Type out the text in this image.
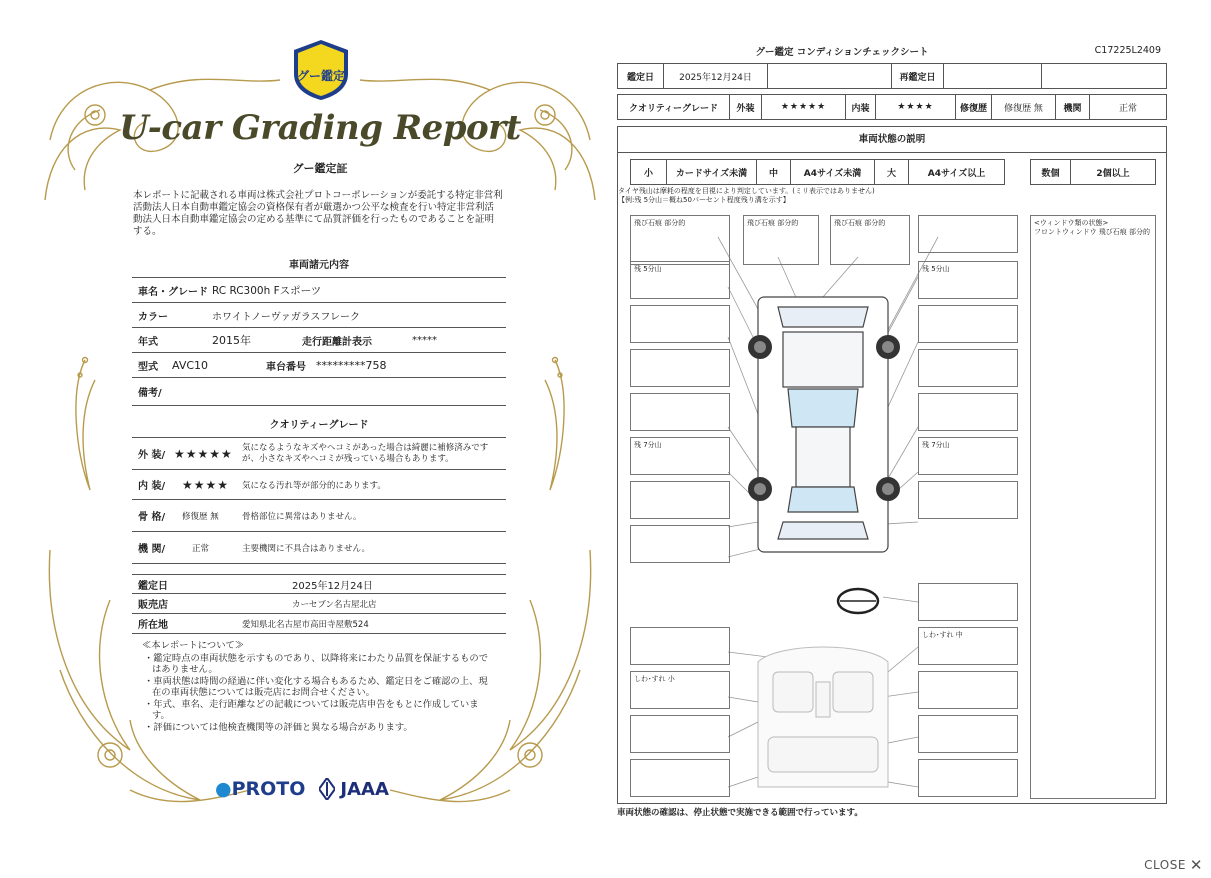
グー鑑定
U-car Grading Report
グー鑑定証
本レポートに記載される車両は株式会社プロトコーポレーションが委託する特定非営利活動法人日本自動車鑑定協会の資格保有者が厳選かつ公平な検査を行い特定非営利活動法人日本自動車鑑定協会の定める基準にて品質評価を行ったものであることを証明する。
車両諸元内容
車名・グレード RC RC300h Fスポーツ
カラー	ホワイトノーヴァガラスフレーク
年式	2015年	走行距離計表示	*****
型式	AVC10	車台番号 *********758
備考/
クオリティーグレード
外 装/ ★★★★★	気になるようなキズやヘコミがあった場合は綺麗に補修済みですが、小さなキズやヘコミが残っている場合もあります。
内 装/	★★★★	気になる汚れ等が部分的にあります。
骨 格/	修復歴 無	骨格部位に異常はありません。
機 関/	正常	主要機関に不具合はありません。
鑑定日	2025年12月24日
販売店	カーセブン名古屋北店
所在地	愛知県北名古屋市高田寺屋敷524
≪本レポートについて≫
・鑑定時点の車両状態を示すものであり、以降将来にわたり品質を保証するものではありません。
・車両状態は時間の経過に伴い変化する場合もあるため、鑑定日をご確認の上、現在の車両状態については販売店にお問合せください。
・年式、車名、走行距離などの記載については販売店申告をもとに作成しています。
・評価については他検査機関等の評価と異なる場合があります。
●PROTO JAAA
グー鑑定 コンディションチェックシート	C17225L2409
鑑定日	2025年12月24日	再鑑定日
クオリティーグレード	外装	★★★★★	内装	★★★★	修復歴	修復歴 無	機関	正常
車両状態の説明
小	カードサイズ未満	中	A4サイズ未満	大	A4サイズ以上	数個	2個以上
タイヤ残山は摩耗の程度を目視により判定しています。(ミリ表示ではありません)
【例:残 5分山＝概ね50パーセント程度残り溝を示す】
飛び石痕 部分的	飛び石痕 部分的	飛び石痕 部分的
残 5分山	残 5分山
残 7分山	残 7分山
しわ･すれ 中
しわ･すれ 小
<ウィンドウ類の状態>
フロントウィンドウ 飛び石痕 部分的
車両状態の確認は、停止状態で実施できる範囲で行っています。
CLOSE ✕
